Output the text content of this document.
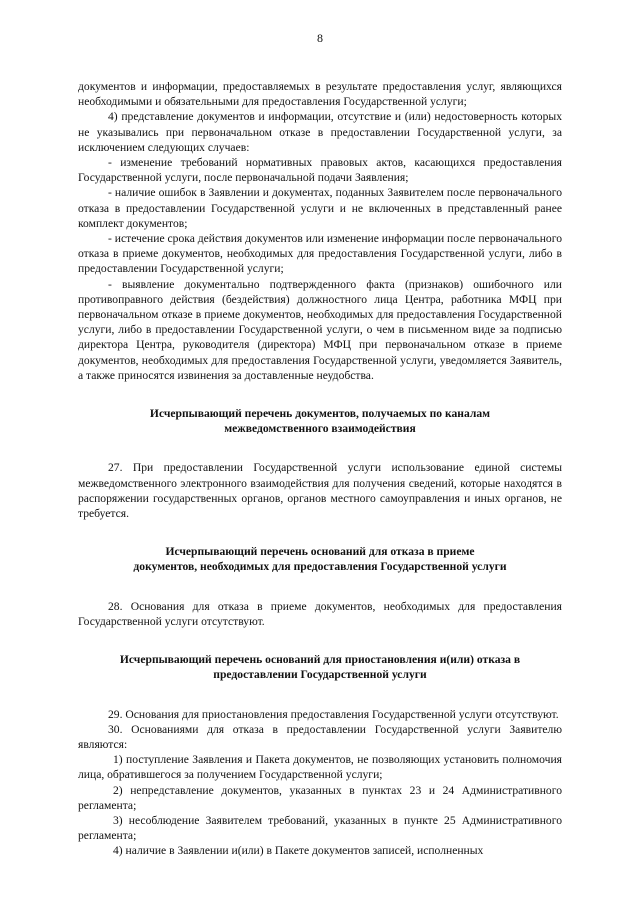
8

документов и информации, предоставляемых в результате предоставления услуг, являющихся необходимыми и обязательными для предоставления Государственной услуги;

4) представление документов и информации, отсутствие и (или) недостоверность которых не указывались при первоначальном отказе в предоставлении Государственной услуги, за исключением следующих случаев:

- изменение требований нормативных правовых актов, касающихся предоставления Государственной услуги, после первоначальной подачи Заявления;

- наличие ошибок в Заявлении и документах, поданных Заявителем после первоначального отказа в предоставлении Государственной услуги и не включенных в представленный ранее комплект документов;

- истечение срока действия документов или изменение информации после первоначального отказа в приеме документов, необходимых для предоставления Государственной услуги, либо в предоставлении Государственной услуги;

- выявление документально подтвержденного факта (признаков) ошибочного или противоправного действия (бездействия) должностного лица Центра, работника МФЦ при первоначальном отказе в приеме документов, необходимых для предоставления Государственной услуги, либо в предоставлении Государственной услуги, о чем в письменном виде за подписью директора Центра, руководителя (директора) МФЦ при первоначальном отказе в приеме документов, необходимых для предоставления Государственной услуги, уведомляется Заявитель, а также приносятся извинения за доставленные неудобства.

Исчерпывающий перечень документов, получаемых по каналам
межведомственного взаимодействия

27. При предоставлении Государственной услуги использование единой системы межведомственного электронного взаимодействия для получения сведений, которые находятся в распоряжении государственных органов, органов местного самоуправления и иных органов, не требуется.

Исчерпывающий перечень оснований для отказа в приеме
документов, необходимых для предоставления Государственной услуги

28. Основания для отказа в приеме документов, необходимых для предоставления Государственной услуги отсутствуют.

Исчерпывающий перечень оснований для приостановления и(или) отказа в
предоставлении Государственной услуги

29. Основания для приостановления предоставления Государственной услуги отсутствуют.

30. Основаниями для отказа в предоставлении Государственной услуги Заявителю являются:

1) поступление Заявления и Пакета документов, не позволяющих установить полномочия лица, обратившегося за получением Государственной услуги;

2) непредставление документов, указанных в пунктах 23 и 24 Административного регламента;

3) несоблюдение Заявителем требований, указанных в пункте 25 Административного регламента;

4) наличие в Заявлении и(или) в Пакете документов записей, исполненных
